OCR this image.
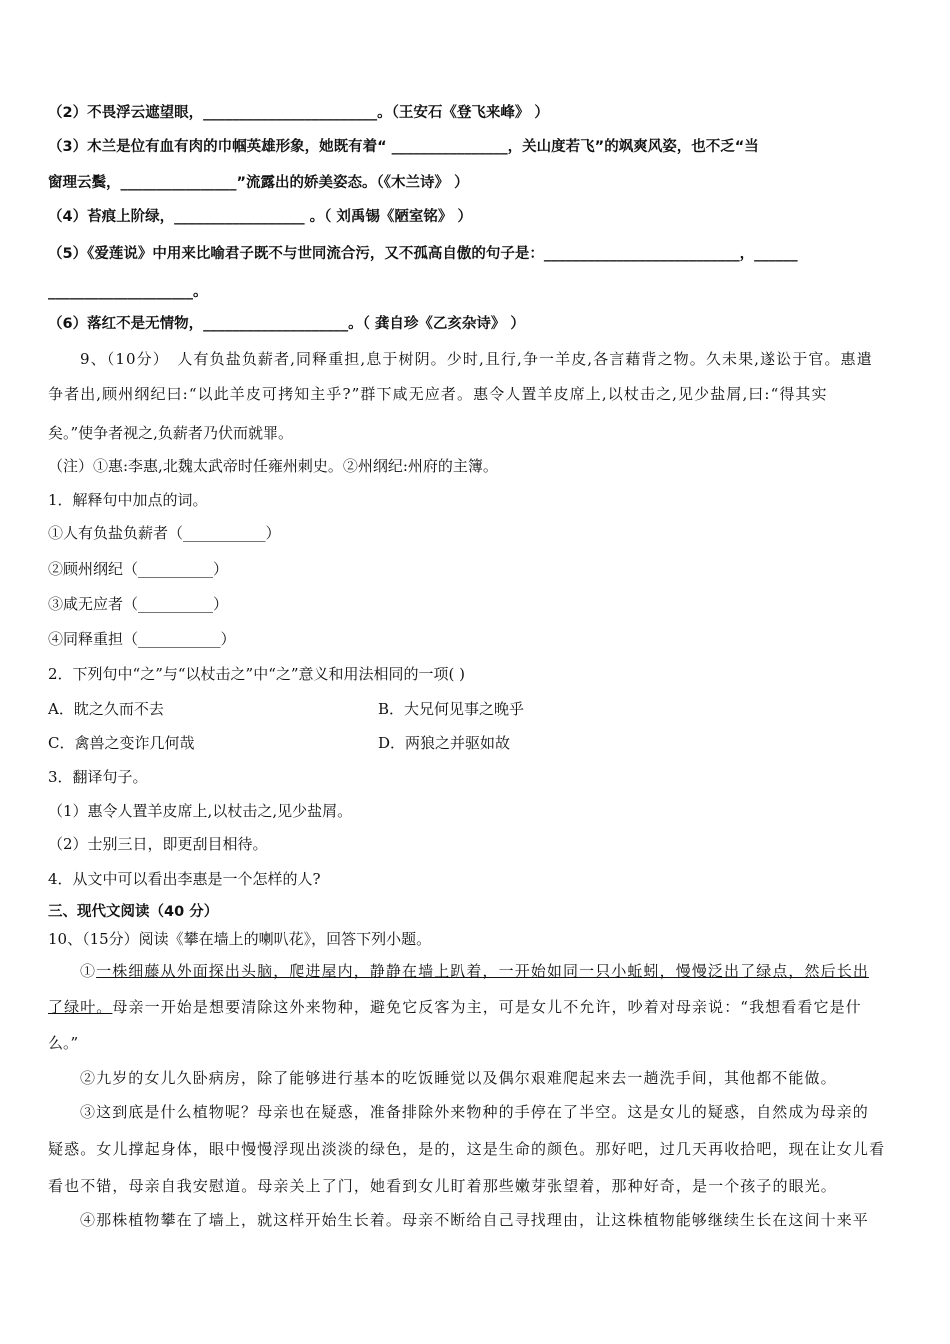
（2）不畏浮云遮望眼，________________________。（王安石《登飞来峰》 ）
（3）木兰是位有血有肉的巾帼英雄形象，她既有着“ ________________，关山度若飞”的飒爽风姿，也不乏“当
窗理云鬓，________________”流露出的娇美姿态。（《木兰诗》 ）
（4）苔痕上阶绿，__________________ 。（ 刘禹锡《陋室铭》 ）
（5）《爱莲说》中用来比喻君子既不与世同流合污，又不孤高自傲的句子是：___________________________，______
____________________。
（6）落红不是无情物，____________________。（ 龚自珍《乙亥杂诗》 ）
9、（10分）　人有负盐负薪者,同释重担,息于树阴。少时,且行,争一羊皮,各言藉背之物。久未果,遂讼于官。惠遣
争者出,顾州纲纪曰:“以此羊皮可拷知主乎?”群下咸无应者。惠令人置羊皮席上,以杖击之,见少盐屑,曰:“得其实
矣。”使争者视之,负薪者乃伏而就罪。
（注）①惠:李惠,北魏太武帝时任雍州刺史。②州纲纪:州府的主簿。
1．解释句中加点的词。
①人有负盐负薪者（___________）
②顾州纲纪（__________）
③咸无应者（__________）
④同释重担（___________）
2．下列句中“之”与“以杖击之”中“之”意义和用法相同的一项( )
A．眈之久而不去	B．大兄何见事之晚乎
C．禽兽之变诈几何哉	D．两狼之并驱如故
3．翻译句子。
（1）惠令人置羊皮席上,以杖击之,见少盐屑。
（2）士别三日，即更刮目相待。
4．从文中可以看出李惠是一个怎样的人?
三、现代文阅读（40 分）
10、（15分）阅读《攀在墙上的喇叭花》，回答下列小题。
①一株细藤从外面探出头脑，爬进屋内，静静在墙上趴着，一开始如同一只小蚯蚓，慢慢泛出了绿点，然后长出
了绿叶。母亲一开始是想要清除这外来物种，避免它反客为主，可是女儿不允许，吵着对母亲说：“我想看看它是什
么。”
②九岁的女儿久卧病房，除了能够进行基本的吃饭睡觉以及偶尔艰难爬起来去一趟洗手间，其他都不能做。
③这到底是什么植物呢？母亲也在疑惑，准备排除外来物种的手停在了半空。这是女儿的疑惑，自然成为母亲的
疑惑。女儿撑起身体，眼中慢慢浮现出淡淡的绿色，是的，这是生命的颜色。那好吧，过几天再收拾吧，现在让女儿看
看也不错，母亲自我安慰道。母亲关上了门，她看到女儿盯着那些嫩芽张望着，那种好奇，是一个孩子的眼光。
④那株植物攀在了墙上，就这样开始生长着。母亲不断给自己寻找理由，让这株植物能够继续生长在这间十来平
